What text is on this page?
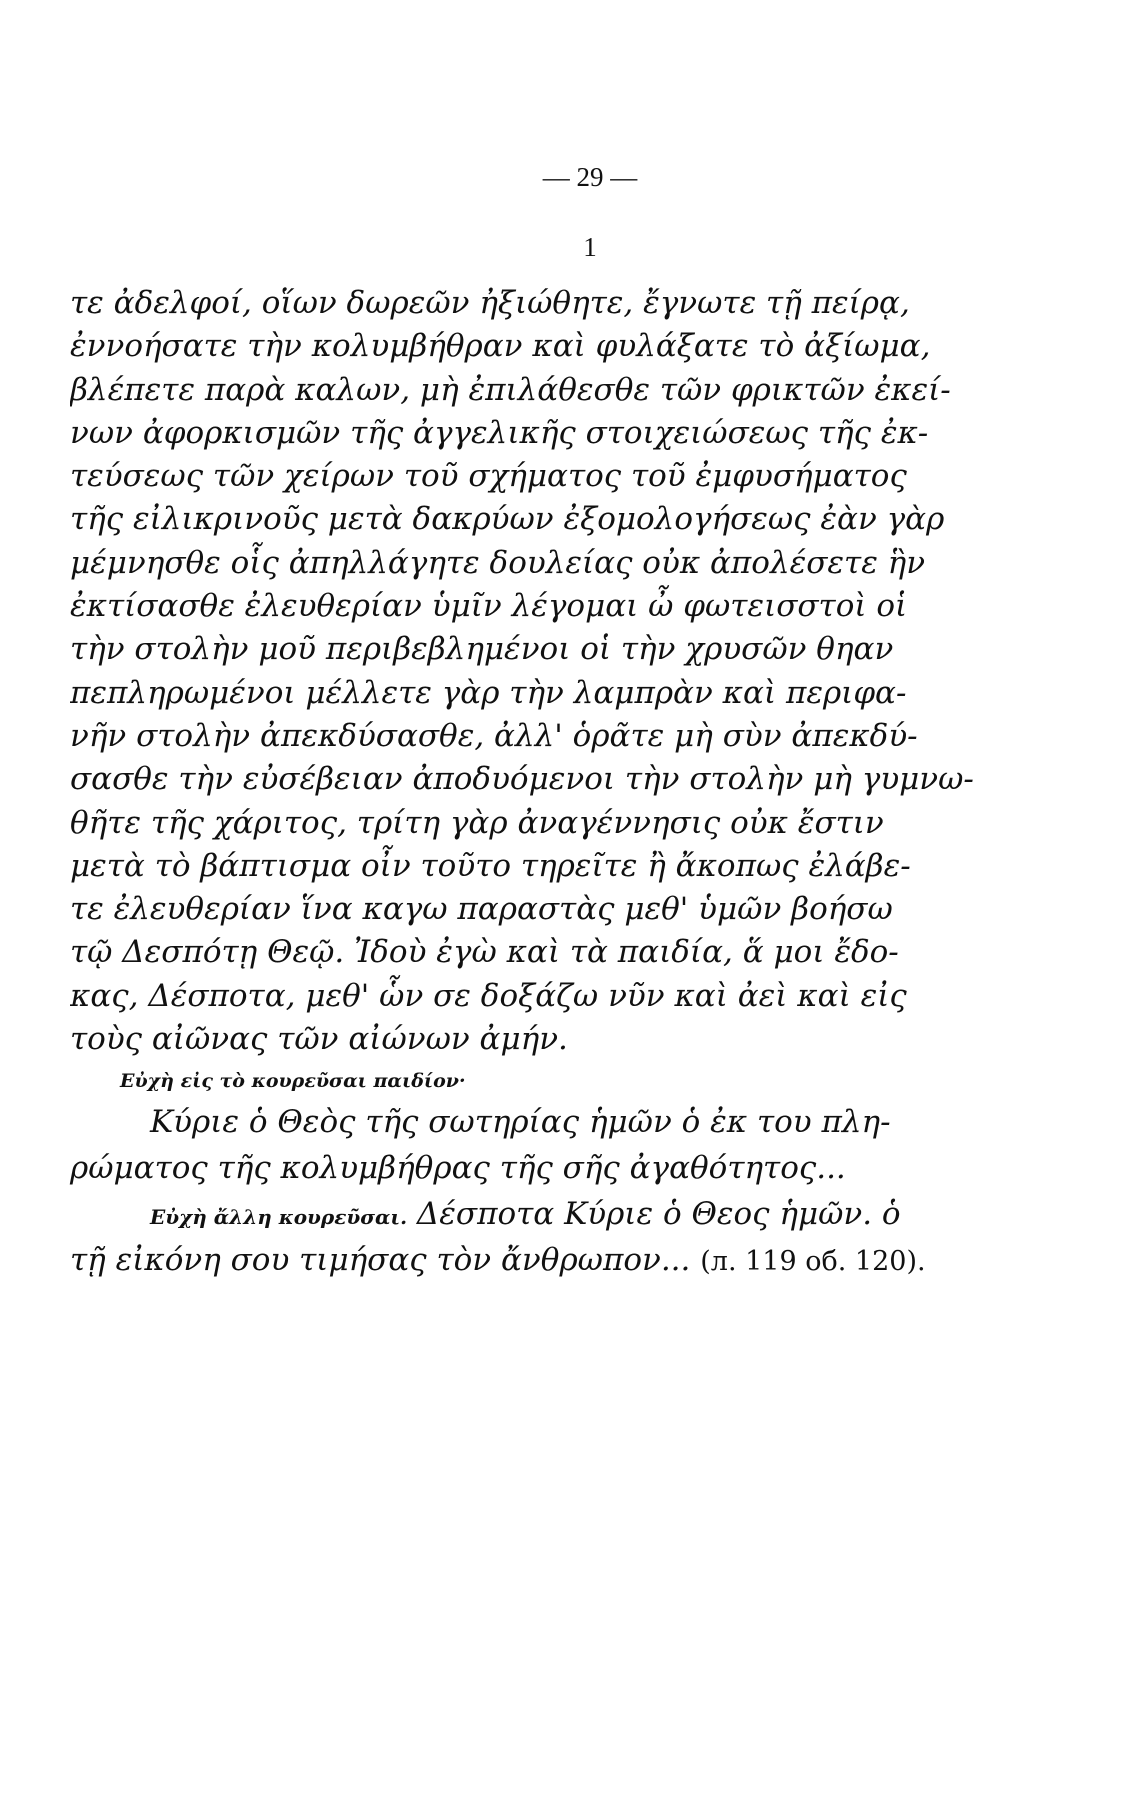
— 29 —
1
τε ἀδελφοί, οἵων δωρεῶν ἠξιώθητε, ἔγνωτε τῇ πείρᾳ,
ἐννοήσατε τὴν κολυμβήθραν καὶ φυλάξατε τὸ ἀξίωμα,
βλέπετε παρὰ καλων, μὴ ἐπιλάθεσθε τῶν φρικτῶν ἐκεί-
νων ἀφορκισμῶν τῆς ἀγγελικῆς στοιχειώσεως τῆς ἐκ-
τεύσεως τῶν χείρων τοῦ σχήματος τοῦ ἐμφυσήματος
τῆς εἰλικρινοῦς μετὰ δακρύων ἐξομολογήσεως ἐὰν γὰρ
μέμνησθε οἷς ἀπηλλάγητε δουλείας οὐκ ἀπολέσετε ἣν
ἐκτίσασθε ἐλευθερίαν ὑμῖν λέγομαι ὦ φωτεισστοὶ οἱ
τὴν στολὴν μοῦ περιβεβλημένοι οἱ τὴν χρυσῶν θηαν
πεπληρωμένοι μέλλετε γὰρ τὴν λαμπρὰν καὶ περιφα-
νῆν στολὴν ἀπεκδύσασθε, ἀλλ' ὁρᾶτε μὴ σὺν ἀπεκδύ-
σασθε τὴν εὐσέβειαν ἀποδυόμενοι τὴν στολὴν μὴ γυμνω-
θῆτε τῆς χάριτος, τρίτη γὰρ ἀναγέννησις οὐκ ἔστιν
μετὰ τὸ βάπτισμα οἶν τοῦτο τηρεῖτε ἢ ἄκοπως ἐλάβε-
τε ἐλευθερίαν ἵνα καγω παραστὰς μεθ' ὑμῶν βοήσω
τῷ Δεσπότῃ Θεῷ. Ἰδοὺ ἐγὼ καὶ τὰ παιδία, ἅ μοι ἔδο-
κας, Δέσποτα, μεθ' ὧν σε δοξάζω νῦν καὶ ἀεὶ καὶ εἰς
τοὺς αἰῶνας τῶν αἰώνων ἀμήν.
Εὐχὴ εἰς τὸ κουρεῦσαι παιδίον·
Κύριε ὁ Θεὸς τῆς σωτηρίας ἡμῶν ὁ ἐκ του πλη-
ρώματος τῆς κολυμβήθρας τῆς σῆς ἀγαθότητος...
Εὐχὴ ἄλλη κουρεῦσαι. Δέσποτα Κύριε ὁ Θεος ἡμῶν. ὁ
τῇ εἰκόνη σου τιμήσας τὸν ἄνθρωπον... (л. 119 об. 120).
